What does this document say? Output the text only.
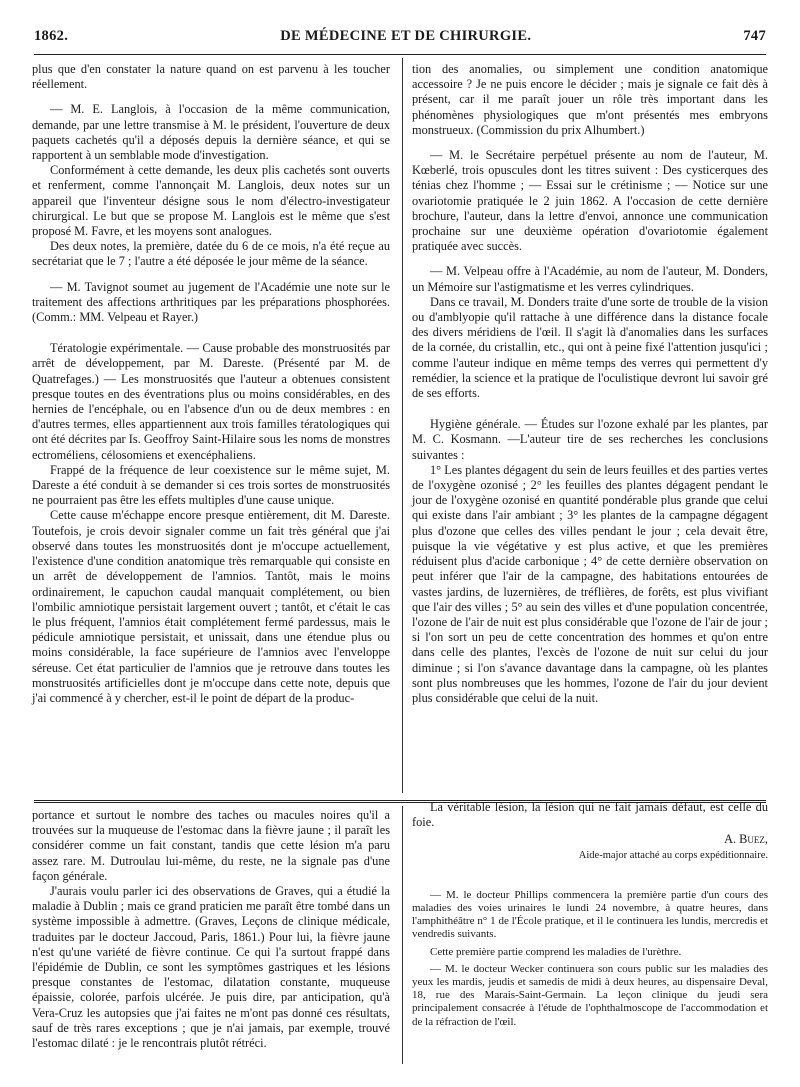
1862.	DE MÉDECINE ET DE CHIRURGIE.	747

plus que d'en constater la nature quand on est parvenu à les toucher réellement.

— M. E. Langlois, à l'occasion de la même communication, demande, par une lettre transmise à M. le président, l'ouverture de deux paquets cachetés qu'il a déposés depuis la dernière séance, et qui se rapportent à un semblable mode d'investigation.

Conformément à cette demande, les deux plis cachetés sont ouverts et renferment, comme l'annonçait M. Langlois, deux notes sur un appareil que l'inventeur désigne sous le nom d'électro-investigateur chirurgical. Le but que se propose M. Langlois est le même que s'est proposé M. Favre, et les moyens sont analogues.

Des deux notes, la première, datée du 6 de ce mois, n'a été reçue au secrétariat que le 7 ; l'autre a été déposée le jour même de la séance.

— M. Tavignot soumet au jugement de l'Académie une note sur le traitement des affections arthritiques par les préparations phosphorées. (Comm.: MM. Velpeau et Rayer.)

Tératologie expérimentale. — Cause probable des monstruosités par arrêt de développement, par M. Dareste. (Présenté par M. de Quatrefages.) — Les monstruosités que l'auteur a obtenues consistent presque toutes en des éventrations plus ou moins considérables, en des hernies de l'encéphale, ou en l'absence d'un ou de deux membres : en d'autres termes, elles appartiennent aux trois familles tératologiques qui ont été décrites par Is. Geoffroy Saint-Hilaire sous les noms de monstres ectroméliens, célosomiens et exencéphaliens.

Frappé de la fréquence de leur coexistence sur le même sujet, M. Dareste a été conduit à se demander si ces trois sortes de monstruosités ne pourraient pas être les effets multiples d'une cause unique.

Cette cause m'échappe encore presque entièrement, dit M. Dareste. Toutefois, je crois devoir signaler comme un fait très général que j'ai observé dans toutes les monstruosités dont je m'occupe actuellement, l'existence d'une condition anatomique très remarquable qui consiste en un arrêt de développement de l'amnios. Tantôt, mais le moins ordinairement, le capuchon caudal manquait complétement, ou bien l'ombilic amniotique persistait largement ouvert ; tantôt, et c'était le cas le plus fréquent, l'amnios était complétement fermé pardessus, mais le pédicule amniotique persistait, et unissait, dans une étendue plus ou moins considérable, la face supérieure de l'amnios avec l'enveloppe séreuse. Cet état particulier de l'amnios que je retrouve dans toutes les monstruosités artificielles dont je m'occupe dans cette note, depuis que j'ai commencé à y chercher, est-il le point de départ de la produc-

tion des anomalies, ou simplement une condition anatomique accessoire ? Je ne puis encore le décider ; mais je signale ce fait dès à présent, car il me paraît jouer un rôle très important dans les phénomènes physiologiques que m'ont présentés mes embryons monstrueux. (Commission du prix Alhumbert.)

— M. le Secrétaire perpétuel présente au nom de l'auteur, M. Kœberlé, trois opuscules dont les titres suivent : Des cysticerques des ténias chez l'homme ; — Essai sur le crétinisme ; — Notice sur une ovariotomie pratiquée le 2 juin 1862. A l'occasion de cette dernière brochure, l'auteur, dans la lettre d'envoi, annonce une communication prochaine sur une deuxième opération d'ovariotomie également pratiquée avec succès.

— M. Velpeau offre à l'Académie, au nom de l'auteur, M. Donders, un Mémoire sur l'astigmatisme et les verres cylindriques.

Dans ce travail, M. Donders traite d'une sorte de trouble de la vision ou d'amblyopie qu'il rattache à une différence dans la distance focale des divers méridiens de l'œil. Il s'agit là d'anomalies dans les surfaces de la cornée, du cristallin, etc., qui ont à peine fixé l'attention jusqu'ici ; comme l'auteur indique en même temps des verres qui permettent d'y remédier, la science et la pratique de l'oculistique devront lui savoir gré de ses efforts.

Hygiène générale. — Études sur l'ozone exhalé par les plantes, par M. C. Kosmann. —L'auteur tire de ses recherches les conclusions suivantes :

1° Les plantes dégagent du sein de leurs feuilles et des parties vertes de l'oxygène ozonisé ; 2° les feuilles des plantes dégagent pendant le jour de l'oxygène ozonisé en quantité pondérable plus grande que celui qui existe dans l'air ambiant ; 3° les plantes de la campagne dégagent plus d'ozone que celles des villes pendant le jour ; cela devait être, puisque la vie végétative y est plus active, et que les premières réduisent plus d'acide carbonique ; 4° de cette dernière observation on peut inférer que l'air de la campagne, des habitations entourées de vastes jardins, de luzernières, de tréflières, de forêts, est plus vivifiant que l'air des villes ; 5° au sein des villes et d'une population concentrée, l'ozone de l'air de nuit est plus considérable que l'ozone de l'air de jour ; si l'on sort un peu de cette concentration des hommes et qu'on entre dans celle des plantes, l'excès de l'ozone de nuit sur celui du jour diminue ; si l'on s'avance davantage dans la campagne, où les plantes sont plus nombreuses que les hommes, l'ozone de l'air du jour devient plus considérable que celui de la nuit.

portance et surtout le nombre des taches ou macules noires qu'il a trouvées sur la muqueuse de l'estomac dans la fièvre jaune ; il paraît les considérer comme un fait constant, tandis que cette lésion m'a paru assez rare. M. Dutroulau lui-même, du reste, ne la signale pas d'une façon générale.

J'aurais voulu parler ici des observations de Graves, qui a étudié la maladie à Dublin ; mais ce grand praticien me paraît être tombé dans un système impossible à admettre. (Graves, Leçons de clinique médicale, traduites par le docteur Jaccoud, Paris, 1861.) Pour lui, la fièvre jaune n'est qu'une variété de fièvre continue. Ce qui l'a surtout frappé dans l'épidémie de Dublin, ce sont les symptômes gastriques et les lésions presque constantes de l'estomac, dilatation constante, muqueuse épaissie, colorée, parfois ulcérée. Je puis dire, par anticipation, qu'à Vera-Cruz les autopsies que j'ai faites ne m'ont pas donné ces résultats, sauf de très rares exceptions ; que je n'ai jamais, par exemple, trouvé l'estomac dilaté : je le rencontrais plutôt rétréci.

La véritable lésion, la lésion qui ne fait jamais défaut, est celle du foie.

A. Buez,

Aide-major attaché au corps expéditionnaire.

— M. le docteur Phillips commencera la première partie d'un cours des maladies des voies urinaires le lundi 24 novembre, à quatre heures, dans l'amphithéâtre n° 1 de l'École pratique, et il le continuera les lundis, mercredis et vendredis suivants.

Cette première partie comprend les maladies de l'urèthre.

— M. le docteur Wecker continuera son cours public sur les maladies des yeux les mardis, jeudis et samedis de midi à deux heures, au dispensaire Deval, 18, rue des Marais-Saint-Germain. La leçon clinique du jeudi sera principalement consacrée à l'étude de l'ophthalmoscope de l'accommodation et de la réfraction de l'œil.
